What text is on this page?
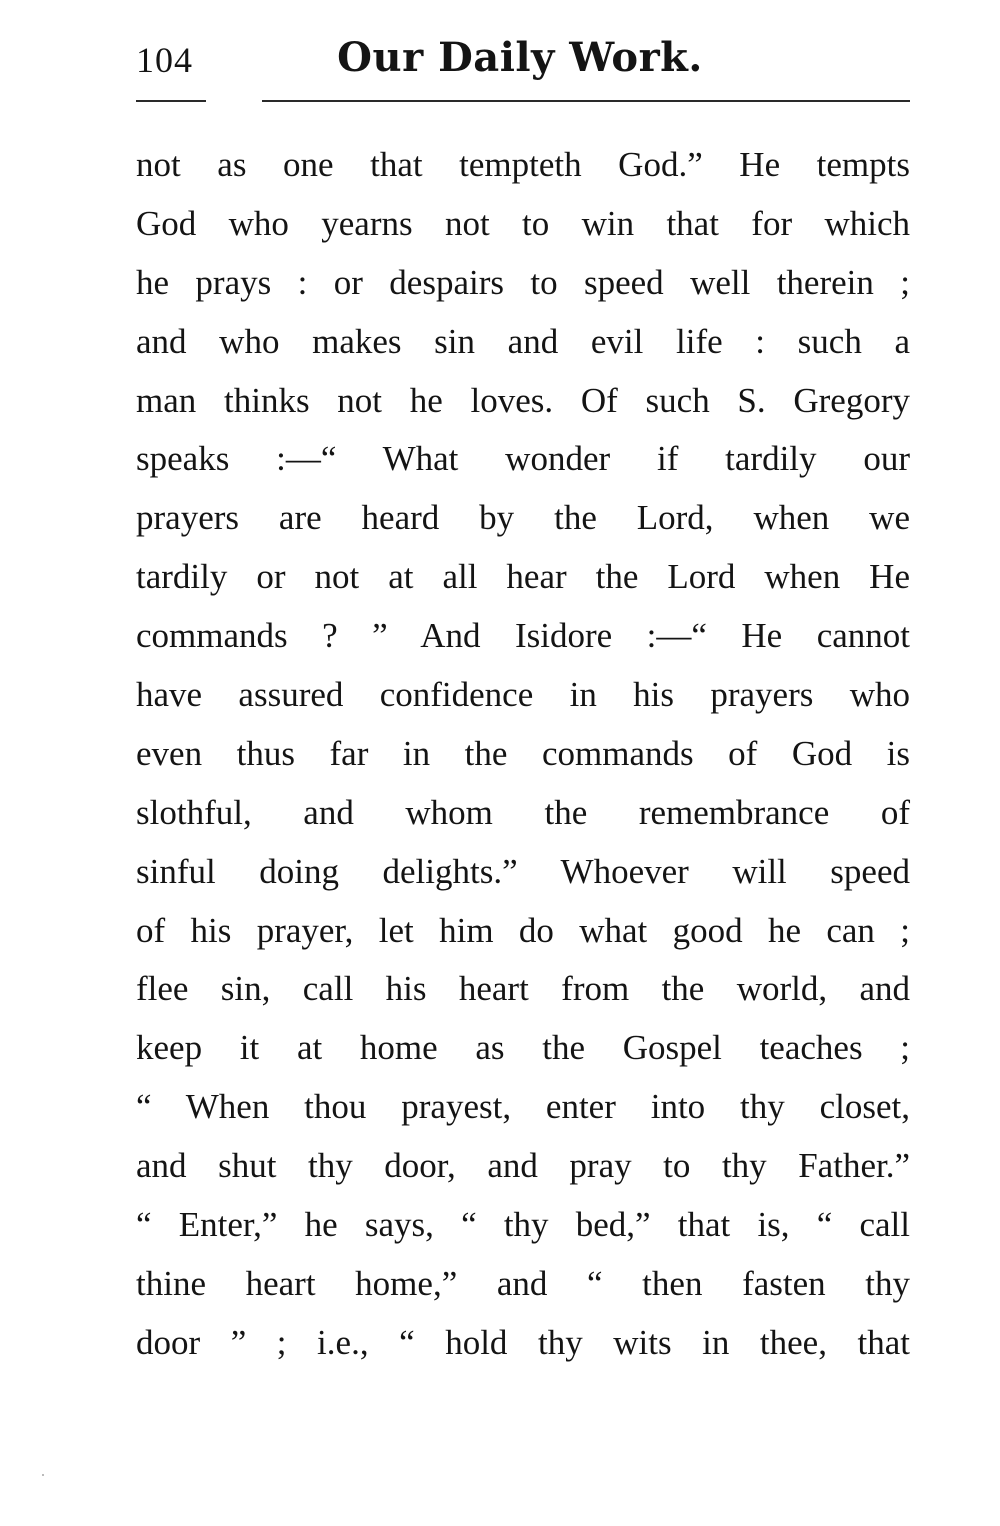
104	Our Daily Work.
not as one that tempteth God.” He tempts
God who yearns not to win that for which
he prays : or despairs to speed well therein ;
and who makes sin and evil life : such a
man thinks not he loves. Of such S. Gregory
speaks :—“ What wonder if tardily our
prayers are heard by the Lord, when we
tardily or not at all hear the Lord when He
commands ? ” And Isidore :—“ He cannot
have assured confidence in his prayers who
even thus far in the commands of God is
slothful, and whom the remembrance of
sinful doing delights.” Whoever will speed
of his prayer, let him do what good he can ;
flee sin, call his heart from the world, and
keep it at home as the Gospel teaches ;
“ When thou prayest, enter into thy closet,
and shut thy door, and pray to thy Father.”
“ Enter,” he says, “ thy bed,” that is, “ call
thine heart home,” and “ then fasten thy
door ” ; i.e., “ hold thy wits in thee, that
